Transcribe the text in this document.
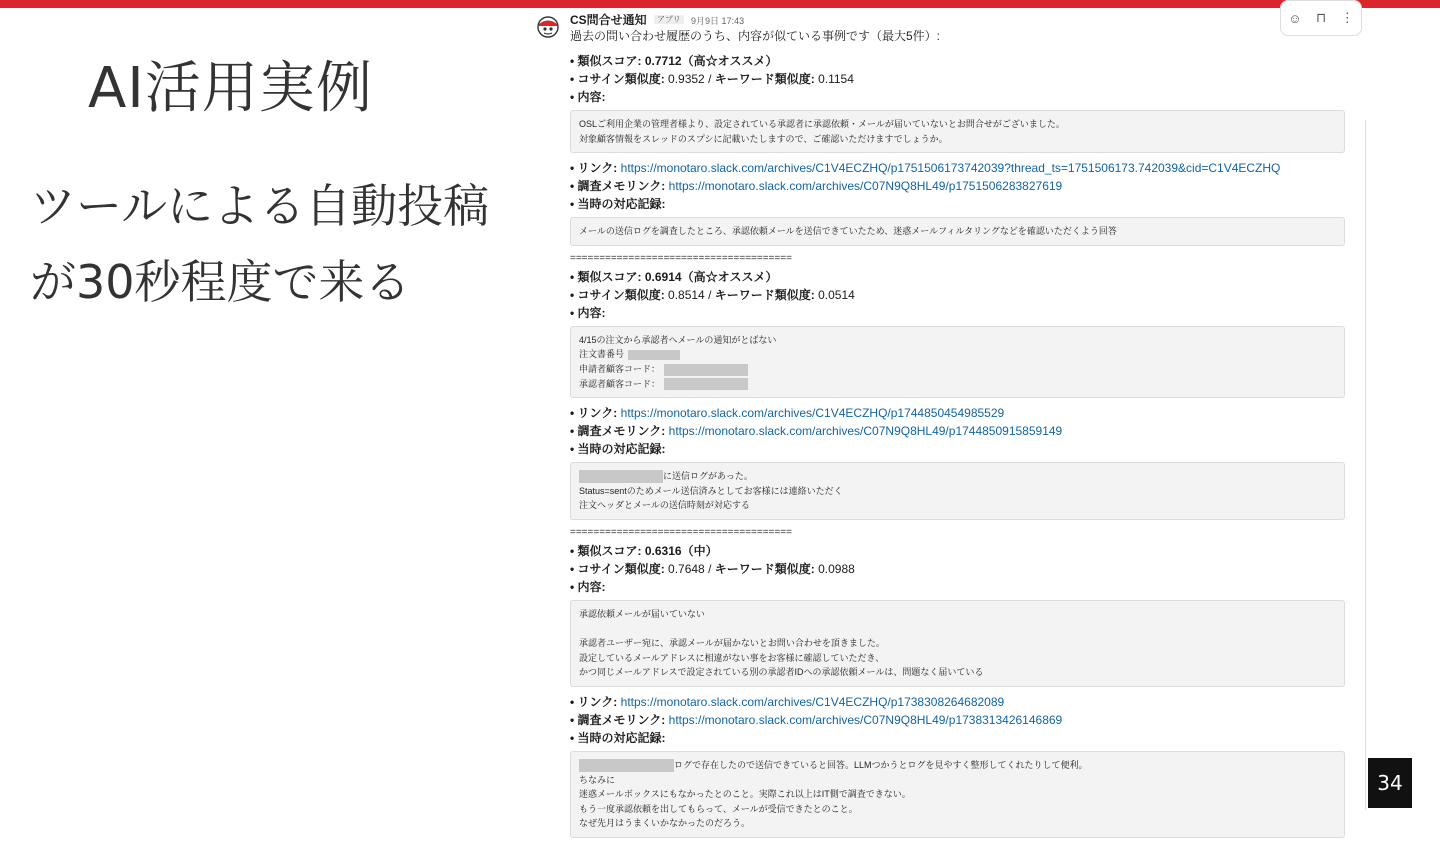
AI活用実例
ツールによる自動投稿
が30秒程度で来る
34
☺ ⊓ ⋮
CS問合せ通知 アプリ 9月9日 17:43
過去の問い合わせ履歴のうち、内容が似ている事例です（最大5件）:
• 類似スコア: 0.7712（高☆オススメ）
• コサイン類似度: 0.9352 / キーワード類似度: 0.1154
• 内容:
OSLご利用企業の管理者様より、設定されている承認者に承認依頼・メールが届いていないとお問合せがございました。
対象顧客情報をスレッドのスプシに記載いたしますので、ご確認いただけますでしょうか。
• リンク: https://monotaro.slack.com/archives/C1V4ECZHQ/p1751506173742039?thread_ts=1751506173.742039&cid=C1V4ECZHQ
• 調査メモリンク: https://monotaro.slack.com/archives/C07N9Q8HL49/p1751506283827619
• 当時の対応記録:
メールの送信ログを調査したところ、承認依頼メールを送信できていたため、迷惑メールフィルタリングなどを確認いただくよう回答
======================================
• 類似スコア: 0.6914（高☆オススメ）
• コサイン類似度: 0.8514 / キーワード類似度: 0.0514
• 内容:
4/15の注文から承認者へメールの通知がとばない
注文書番号
申請者顧客コード：
承認者顧客コード：
• リンク: https://monotaro.slack.com/archives/C1V4ECZHQ/p1744850454985529
• 調査メモリンク: https://monotaro.slack.com/archives/C07N9Q8HL49/p1744850915859149
• 当時の対応記録:
に送信ログがあった。
Status=sentのためメール送信済みとしてお客様には連絡いただく
注文ヘッダとメールの送信時刻が対応する
======================================
• 類似スコア: 0.6316（中）
• コサイン類似度: 0.7648 / キーワード類似度: 0.0988
• 内容:
承認依頼メールが届いていない
承認者ユーザー宛に、承認メールが届かないとお問い合わせを頂きました。
設定しているメールアドレスに相違がない事をお客様に確認していただき、
かつ同じメールアドレスで設定されている別の承認者IDへの承認依頼メールは、問題なく届いている
• リンク: https://monotaro.slack.com/archives/C1V4ECZHQ/p1738308264682089
• 調査メモリンク: https://monotaro.slack.com/archives/C07N9Q8HL49/p1738313426146869
• 当時の対応記録:
ログで存在したので送信できていると回答。LLMつかうとログを見やすく整形してくれたりして便利。
ちなみに
迷惑メールボックスにもなかったとのこと。実際これ以上はIT側で調査できない。
もう一度承認依頼を出してもらって、メールが受信できたとのこと。
なぜ先月はうまくいかなかったのだろう。
